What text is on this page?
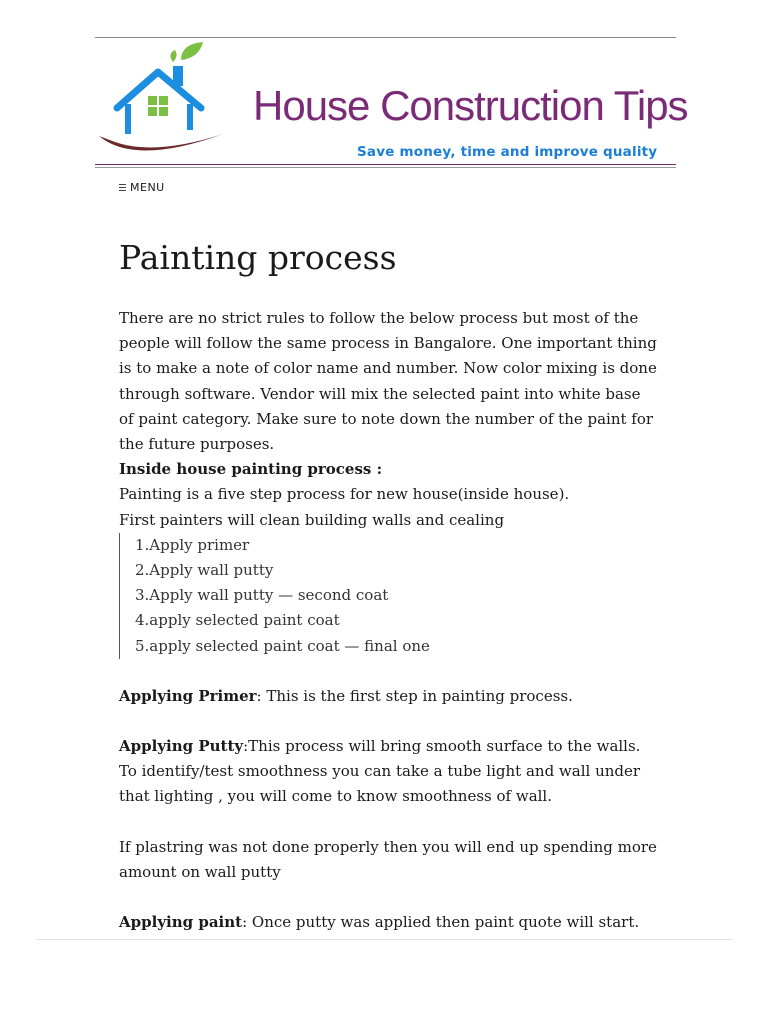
House Construction Tips
Save money, time and improve quality
MENU
Painting process

There are no strict rules to follow the below process but most of the people will follow the same process in Bangalore. One important thing is to make a note of color name and number. Now color mixing is done through software. Vendor will mix the selected paint into white base of paint category. Make sure to note down the number of the paint for the future purposes.

Inside house painting process :

Painting is a five step process for new house(inside house).

First painters will clean building walls and cealing

1.Apply primer
2.Apply wall putty
3.Apply wall putty — second coat
4.apply selected paint coat
5.apply selected paint coat — final one

Applying Primer: This is the first step in painting process.

Applying Putty:This process will bring smooth surface to the walls. To identify/test smoothness you can take a tube light and wall under that lighting , you will come to know smoothness of wall.

If plastring was not done properly then you will end up spending more amount on wall putty

Applying paint: Once putty was applied then paint quote will start.
